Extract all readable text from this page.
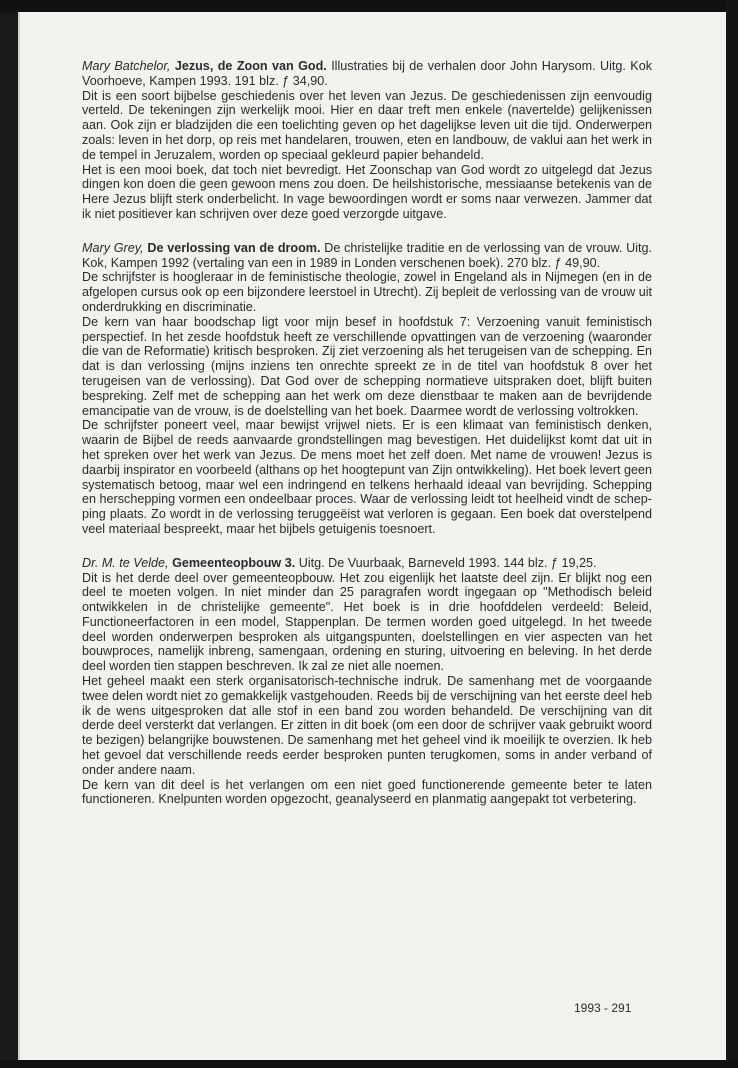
Mary Batchelor, Jezus, de Zoon van God. Illustraties bij de verhalen door John Harysom. Uitg. Kok Voorhoeve, Kampen 1993. 191 blz. ƒ 34,90.

Dit is een soort bijbelse geschiedenis over het leven van Jezus. De geschiedenissen zijn eenvoudig verteld. De tekeningen zijn werkelijk mooi. Hier en daar treft men enkele (navertelde) gelijkenissen aan. Ook zijn er bladzijden die een toelichting geven op het dagelijkse leven uit die tijd. Onderwerpen zoals: leven in het dorp, op reis met handelaren, trouwen, eten en landbouw, de vaklui aan het werk in de tempel in Jeruzalem, worden op speciaal gekleurd papier behandeld.

Het is een mooi boek, dat toch niet bevredigt. Het Zoonschap van God wordt zo uitgelegd dat Jezus dingen kon doen die geen gewoon mens zou doen. De heilshistorische, messiaanse betekenis van de Here Jezus blijft sterk onderbelicht. In vage bewoordingen wordt er soms naar verwezen. Jammer dat ik niet positiever kan schrijven over deze goed verzorgde uitgave.

Mary Grey, De verlossing van de droom. De christelijke traditie en de verlossing van de vrouw. Uitg. Kok, Kampen 1992 (vertaling van een in 1989 in Londen verschenen boek). 270 blz. ƒ 49,90.

De schrijfster is hoogleraar in de feministische theologie, zowel in Engeland als in Nijmegen (en in de afgelopen cursus ook op een bijzondere leerstoel in Utrecht). Zij bepleit de verlossing van de vrouw uit onderdrukking en discriminatie.

De kern van haar boodschap ligt voor mijn besef in hoofdstuk 7: Verzoening vanuit feministisch perspectief. In het zesde hoofdstuk heeft ze verschillende opvattingen van de verzoening (waaronder die van de Reformatie) kritisch besproken. Zij ziet verzoening als het terugeisen van de schepping. En dat is dan verlossing (mijns inziens ten onrechte spreekt ze in de titel van hoofdstuk 8 over het terugeisen van de verlossing). Dat God over de schepping normatieve uitspraken doet, blijft buiten bespreking. Zelf met de schepping aan het werk om deze dienstbaar te maken aan de bevrijdende emancipatie van de vrouw, is de doelstelling van het boek. Daarmee wordt de verlossing voltrokken.

De schrijfster poneert veel, maar bewijst vrijwel niets. Er is een klimaat van feministisch denken, waarin de Bijbel de reeds aanvaarde grondstellingen mag bevestigen. Het duidelijkst komt dat uit in het spreken over het werk van Jezus. De mens moet het zelf doen. Met name de vrouwen! Jezus is daarbij inspirator en voorbeeld (althans op het hoogtepunt van Zijn ontwikkeling). Het boek levert geen systematisch betoog, maar wel een indringend en telkens herhaald ideaal van bevrijding. Schepping en herschepping vormen een ondeelbaar proces. Waar de verlossing leidt tot heelheid vindt de schepping plaats. Zo wordt in de verlossing teruggeëist wat verloren is gegaan. Een boek dat overstelpend veel materiaal bespreekt, maar het bijbels getuigenis toesnoert.

Dr. M. te Velde, Gemeenteopbouw 3. Uitg. De Vuurbaak, Barneveld 1993. 144 blz. ƒ 19,25.

Dit is het derde deel over gemeenteopbouw. Het zou eigenlijk het laatste deel zijn. Er blijkt nog een deel te moeten volgen. In niet minder dan 25 paragrafen wordt ingegaan op "Methodisch beleid ontwikkelen in de christelijke gemeente". Het boek is in drie hoofddelen verdeeld: Beleid, Functioneerfactoren in een model, Stappenplan. De termen worden goed uitgelegd. In het tweede deel worden onderwerpen besproken als uitgangspunten, doelstellingen en vier aspecten van het bouwproces, namelijk inbreng, samengaan, ordening en sturing, uitvoering en beleving. In het derde deel worden tien stappen beschreven. Ik zal ze niet alle noemen.

Het geheel maakt een sterk organisatorisch-technische indruk. De samenhang met de voorgaande twee delen wordt niet zo gemakkelijk vastgehouden. Reeds bij de verschijning van het eerste deel heb ik de wens uitgesproken dat alle stof in een band zou worden behandeld. De verschijning van dit derde deel versterkt dat verlangen. Er zitten in dit boek (om een door de schrijver vaak gebruikt woord te bezigen) belangrijke bouwstenen. De samenhang met het geheel vind ik moeilijk te overzien. Ik heb het gevoel dat verschillende reeds eerder besproken punten terugkomen, soms in ander verband of onder andere naam.

De kern van dit deel is het verlangen om een niet goed functionerende gemeente beter te laten functioneren. Knelpunten worden opgezocht, geanalyseerd en planmatig aangepakt tot verbetering.

1993 - 291
